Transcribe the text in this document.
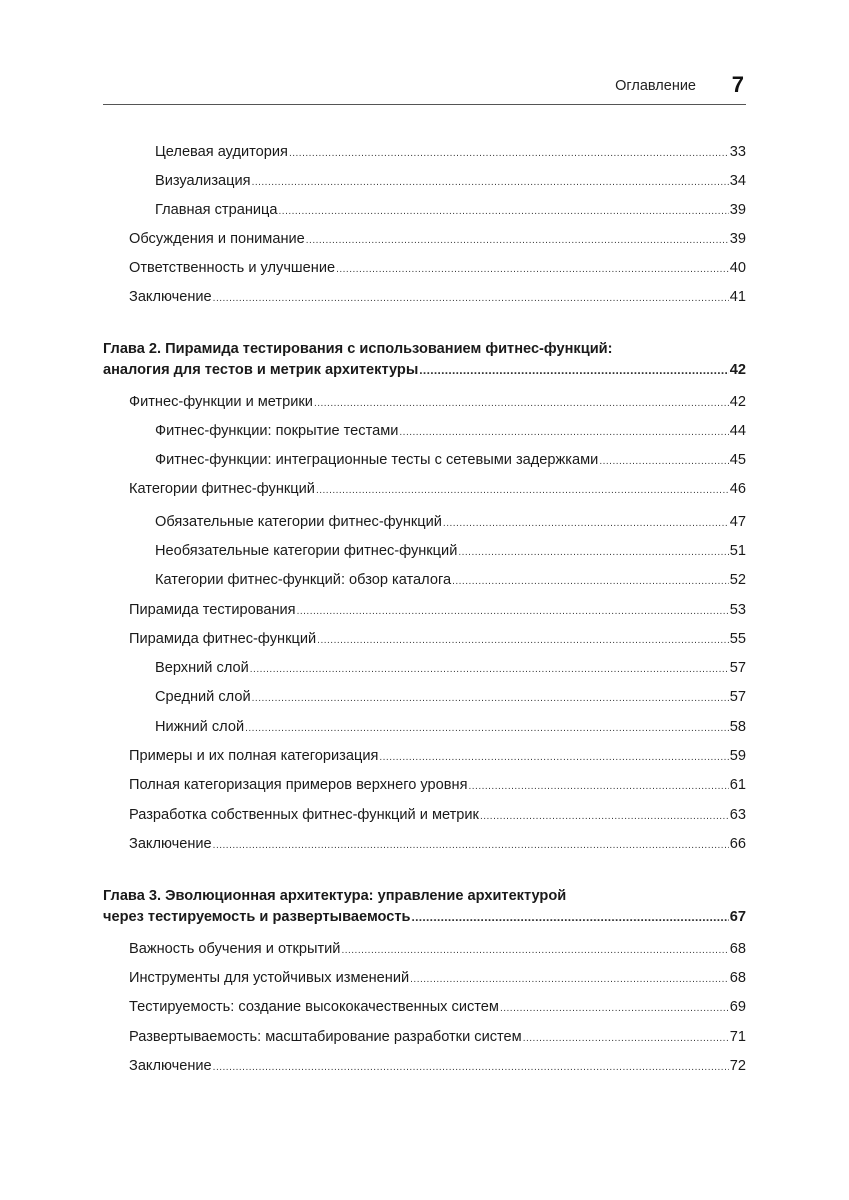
Оглавление 7
Целевая аудитория .....	33
Визуализация .....	34
Главная страница .....	39
Обсуждения и понимание .....	39
Ответственность и улучшение .....	40
Заключение .....	41
Глава 2. Пирамида тестирования с использованием фитнес-функций:
аналогия для тестов и метрик архитектуры .....	42
Фитнес-функции и метрики .....	42
Фитнес-функции: покрытие тестами .....	44
Фитнес-функции: интеграционные тесты с сетевыми задержками .....	45
Категории фитнес-функций .....	46
Обязательные категории фитнес-функций .....	47
Необязательные категории фитнес-функций .....	51
Категории фитнес-функций: обзор каталога .....	52
Пирамида тестирования .....	53
Пирамида фитнес-функций .....	55
Верхний слой .....	57
Средний слой .....	57
Нижний слой .....	58
Примеры и их полная категоризация .....	59
Полная категоризация примеров верхнего уровня .....	61
Разработка собственных фитнес-функций и метрик .....	63
Заключение .....	66
Глава 3. Эволюционная архитектура: управление архитектурой
через тестируемость и развертываемость .....	67
Важность обучения и открытий .....	68
Инструменты для устойчивых изменений .....	68
Тестируемость: создание высококачественных систем .....	69
Развертываемость: масштабирование разработки систем .....	71
Заключение .....	72
